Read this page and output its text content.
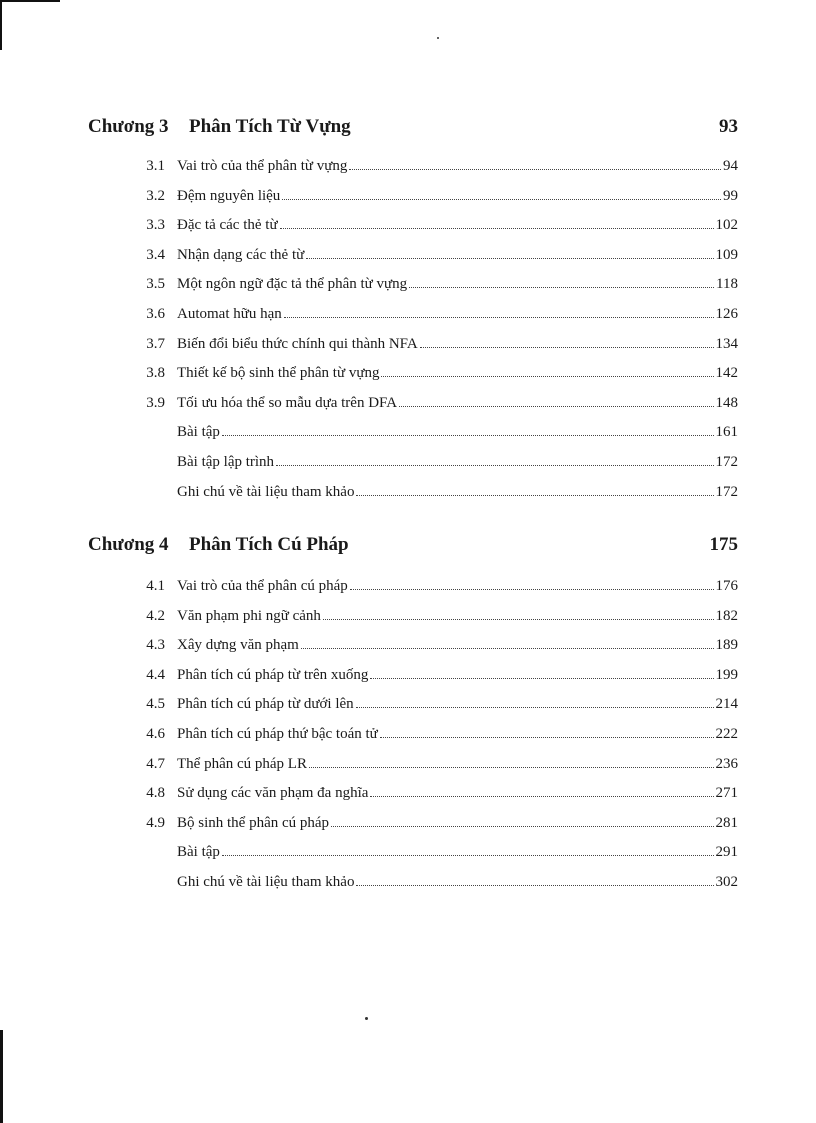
Chương 3	Phân Tích Từ Vựng	93
3.1 Vai trò của thể phân từ vựng	94
3.2 Đệm nguyên liệu	99
3.3 Đặc tả các thẻ từ	102
3.4 Nhận dạng các thẻ từ	109
3.5 Một ngôn ngữ đặc tả thể phân từ vựng	118
3.6 Automat hữu hạn	126
3.7 Biến đổi biểu thức chính qui thành NFA	134
3.8 Thiết kế bộ sinh thể phân từ vựng	142
3.9 Tối ưu hóa thể so mẫu dựa trên DFA	148
Bài tập	161
Bài tập lập trình	172
Ghi chú về tài liệu tham khảo	172
Chương 4	Phân Tích Cú Pháp	175
4.1 Vai trò của thể phân cú pháp	176
4.2 Văn phạm phi ngữ cảnh	182
4.3 Xây dựng văn phạm	189
4.4 Phân tích cú pháp từ trên xuống	199
4.5 Phân tích cú pháp từ dưới lên	214
4.6 Phân tích cú pháp thứ bậc toán tử	222
4.7 Thể phân cú pháp LR	236
4.8 Sử dụng các văn phạm đa nghĩa	271
4.9 Bộ sinh thể phân cú pháp	281
Bài tập	291
Ghi chú về tài liệu tham khảo	302
